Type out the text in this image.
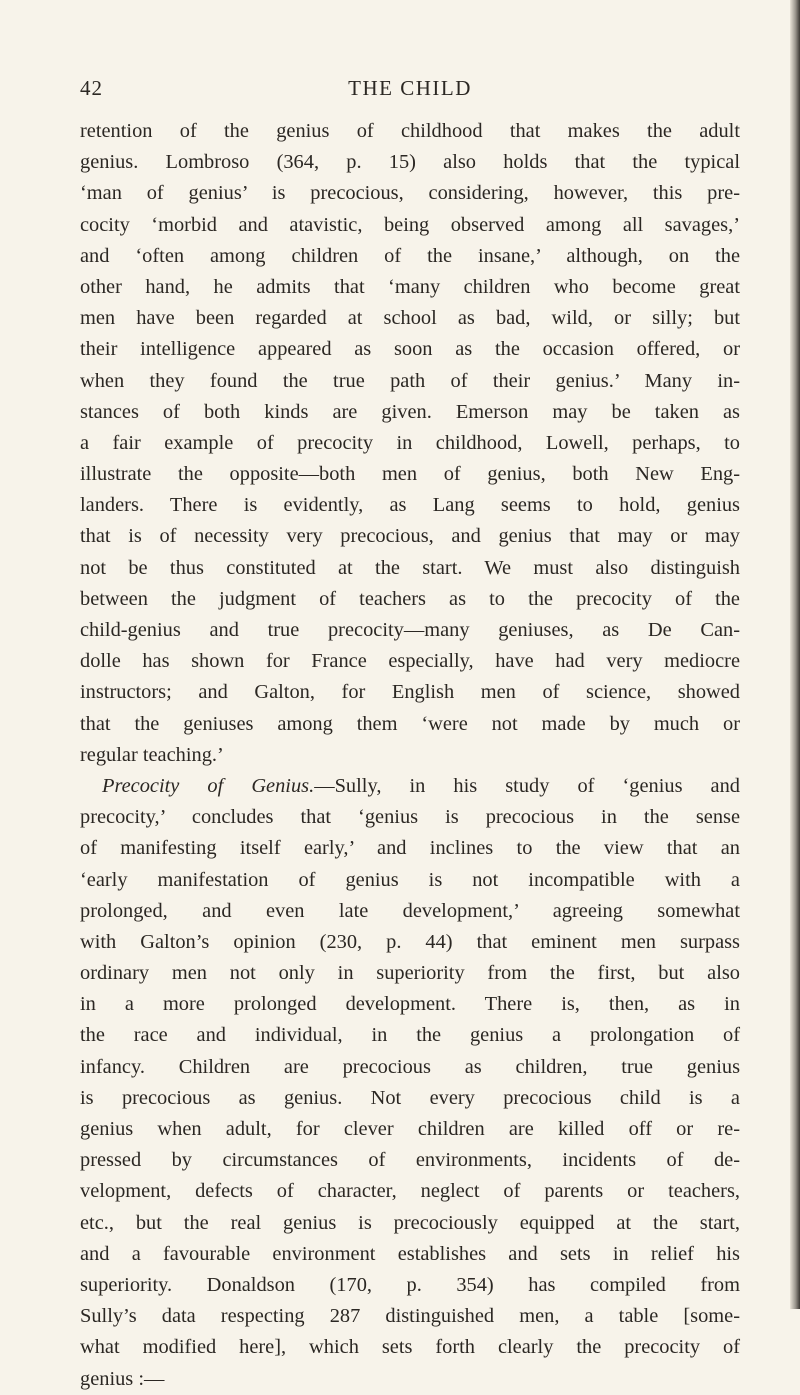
42	THE CHILD
retention of the genius of childhood that makes the adult
genius. Lombroso (364, p. 15) also holds that the typical
‘man of genius’ is precocious, considering, however, this pre-
cocity ‘morbid and atavistic, being observed among all savages,’
and ‘often among children of the insane,’ although, on the
other hand, he admits that ‘many children who become great
men have been regarded at school as bad, wild, or silly; but
their intelligence appeared as soon as the occasion offered, or
when they found the true path of their genius.’ Many in-
stances of both kinds are given. Emerson may be taken as
a fair example of precocity in childhood, Lowell, perhaps, to
illustrate the opposite—both men of genius, both New Eng-
landers. There is evidently, as Lang seems to hold, genius
that is of necessity very precocious, and genius that may or may
not be thus constituted at the start. We must also distinguish
between the judgment of teachers as to the precocity of the
child-genius and true precocity—many geniuses, as De Can-
dolle has shown for France especially, have had very mediocre
instructors; and Galton, for English men of science, showed
that the geniuses among them ‘were not made by much or
regular teaching.’
Precocity of Genius.—Sully, in his study of ‘genius and
precocity,’ concludes that ‘genius is precocious in the sense
of manifesting itself early,’ and inclines to the view that an
‘early manifestation of genius is not incompatible with a
prolonged, and even late development,’ agreeing somewhat
with Galton’s opinion (230, p. 44) that eminent men surpass
ordinary men not only in superiority from the first, but also
in a more prolonged development. There is, then, as in
the race and individual, in the genius a prolongation of
infancy. Children are precocious as children, true genius
is precocious as genius. Not every precocious child is a
genius when adult, for clever children are killed off or re-
pressed by circumstances of environments, incidents of de-
velopment, defects of character, neglect of parents or teachers,
etc., but the real genius is precociously equipped at the start,
and a favourable environment establishes and sets in relief his
superiority. Donaldson (170, p. 354) has compiled from
Sully’s data respecting 287 distinguished men, a table [some-
what modified here], which sets forth clearly the precocity of
genius :—
